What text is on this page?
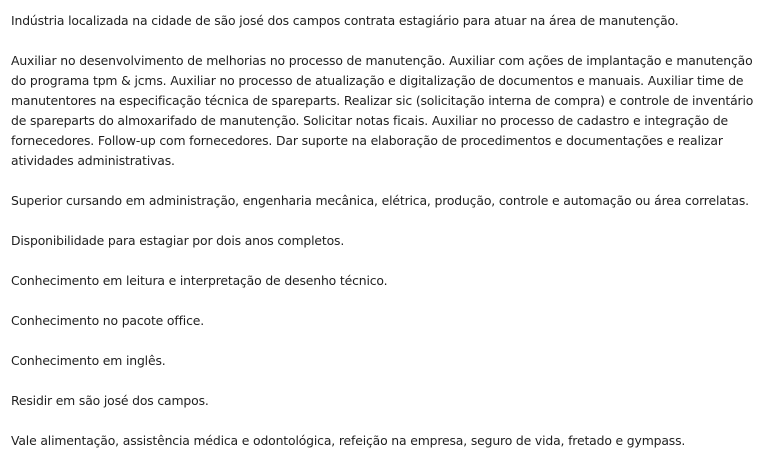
Indústria localizada na cidade de são josé dos campos contrata estagiário para atuar na área de manutenção.

Auxiliar no desenvolvimento de melhorias no processo de manutenção. Auxiliar com ações de implantação e manutenção do programa tpm & jcms. Auxiliar no processo de atualização e digitalização de documentos e manuais. Auxiliar time de manutentores na especificação técnica de spareparts. Realizar sic (solicitação interna de compra) e controle de inventário de spareparts do almoxarifado de manutenção. Solicitar notas ficais. Auxiliar no processo de cadastro e integração de fornecedores. Follow-up com fornecedores. Dar suporte na elaboração de procedimentos e documentações e realizar atividades administrativas.

Superior cursando em administração, engenharia mecânica, elétrica, produção, controle e automação ou área correlatas.

Disponibilidade para estagiar por dois anos completos.

Conhecimento em leitura e interpretação de desenho técnico.

Conhecimento no pacote office.

Conhecimento em inglês.

Residir em são josé dos campos.

Vale alimentação, assistência médica e odontológica, refeição na empresa, seguro de vida, fretado e gympass.
